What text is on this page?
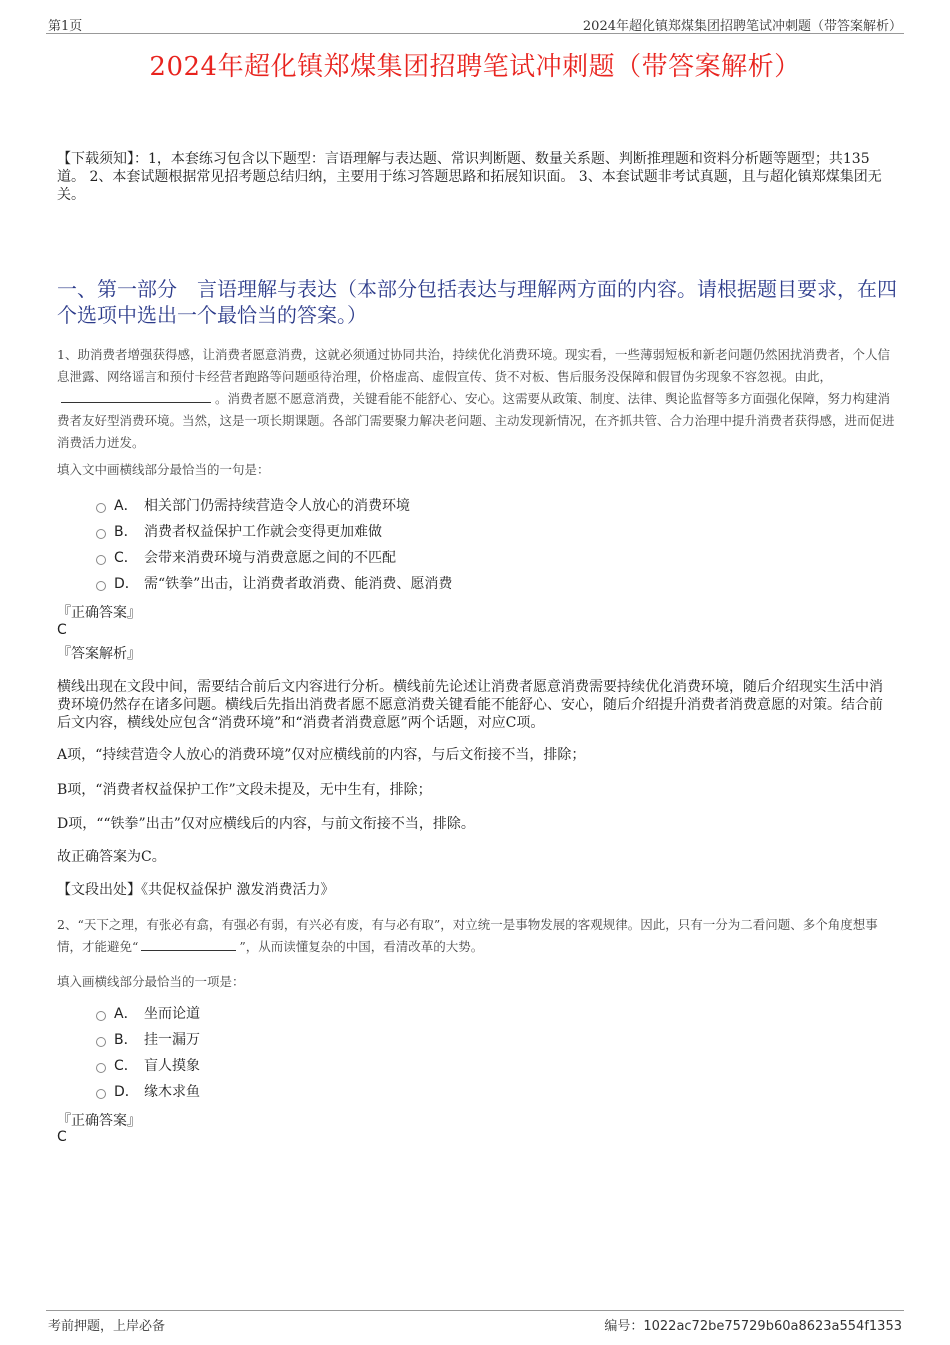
第1页	2024年超化镇郑煤集团招聘笔试冲刺题（带答案解析）
2024年超化镇郑煤集团招聘笔试冲刺题（带答案解析）
【下载须知】：1，本套练习包含以下题型：言语理解与表达题、常识判断题、数量关系题、判断推理题和资料分析题等题型；共135道。 2、本套试题根据常见招考题总结归纳，主要用于练习答题思路和拓展知识面。 3、本套试题非考试真题，且与超化镇郑煤集团无关。
一、第一部分　言语理解与表达（本部分包括表达与理解两方面的内容。请根据题目要求，在四个选项中选出一个最恰当的答案。）
1、助消费者增强获得感，让消费者愿意消费，这就必须通过协同共治，持续优化消费环境。现实看，一些薄弱短板和新老问题仍然困扰消费者，个人信息泄露、网络谣言和预付卡经营者跑路等问题亟待治理，价格虚高、虚假宣传、货不对板、售后服务没保障和假冒伪劣现象不容忽视。由此，。消费者愿不愿意消费，关键看能不能舒心、安心。这需要从政策、制度、法律、舆论监督等多方面强化保障，努力构建消费者友好型消费环境。当然，这是一项长期课题。各部门需要聚力解决老问题、主动发现新情况，在齐抓共管、合力治理中提升消费者获得感，进而促进消费活力迸发。
填入文中画横线部分最恰当的一句是：
A． 相关部门仍需持续营造令人放心的消费环境
B． 消费者权益保护工作就会变得更加难做
C． 会带来消费环境与消费意愿之间的不匹配
D． 需“铁拳”出击，让消费者敢消费、能消费、愿消费
『正确答案』
C
『答案解析』
横线出现在文段中间，需要结合前后文内容进行分析。横线前先论述让消费者愿意消费需要持续优化消费环境，随后介绍现实生活中消费环境仍然存在诸多问题。横线后先指出消费者愿不愿意消费关键看能不能舒心、安心，随后介绍提升消费者消费意愿的对策。结合前后文内容，横线处应包含“消费环境”和“消费者消费意愿”两个话题，对应C项。
A项，“持续营造令人放心的消费环境”仅对应横线前的内容，与后文衔接不当，排除；
B项，“消费者权益保护工作”文段未提及，无中生有，排除；
D项，““铁拳”出击”仅对应横线后的内容，与前文衔接不当，排除。
故正确答案为C。
【文段出处】《共促权益保护 激发消费活力》
2、“天下之理，有张必有翕，有强必有弱，有兴必有废，有与必有取”，对立统一是事物发展的客观规律。因此，只有一分为二看问题、多个角度想事情，才能避免“	”，从而读懂复杂的中国，看清改革的大势。
填入画横线部分最恰当的一项是：
A． 坐而论道
B． 挂一漏万
C． 盲人摸象
D． 缘木求鱼
『正确答案』
C
考前押题，上岸必备	编号：1022ac72be75729b60a8623a554f1353
